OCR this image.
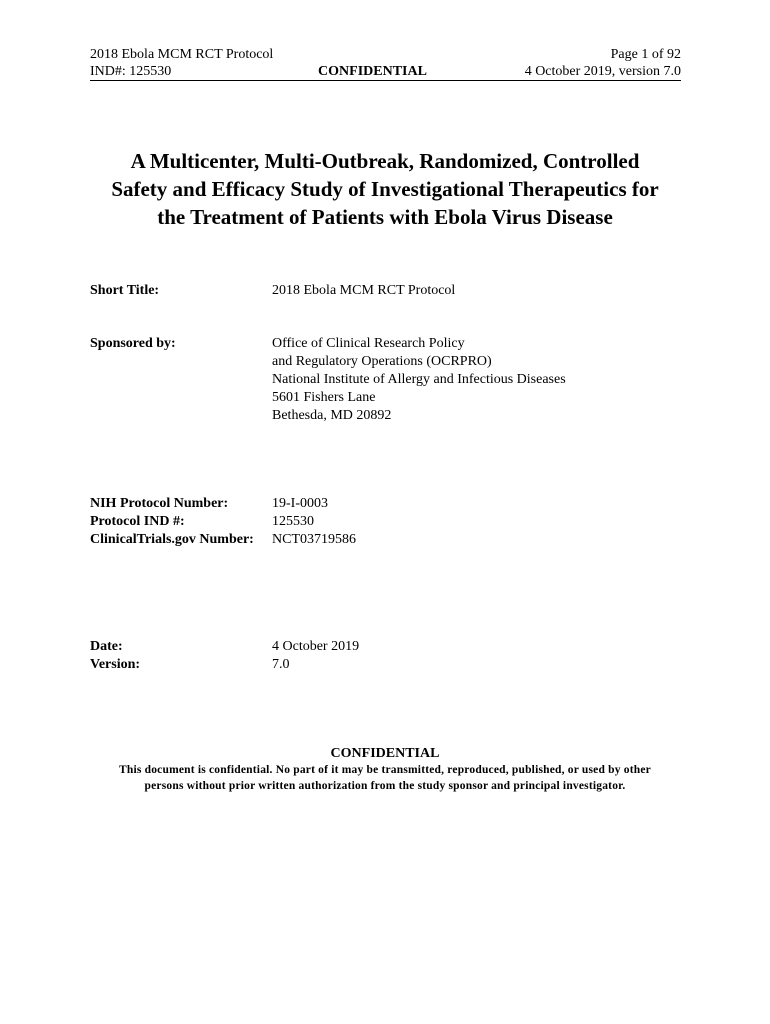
2018 Ebola MCM RCT Protocol	Page 1 of 92
IND#: 125530	CONFIDENTIAL	4 October 2019, version 7.0
A Multicenter, Multi-Outbreak, Randomized, Controlled
Safety and Efficacy Study of Investigational Therapeutics for
the Treatment of Patients with Ebola Virus Disease
Short Title:	2018 Ebola MCM RCT Protocol
Sponsored by:	Office of Clinical Research Policy
and Regulatory Operations (OCRPRO)
National Institute of Allergy and Infectious Diseases
5601 Fishers Lane
Bethesda, MD 20892
NIH Protocol Number:	19-I-0003
Protocol IND #:	125530
ClinicalTrials.gov Number: NCT03719586
Date:	4 October 2019
Version:	7.0
CONFIDENTIAL
This document is confidential. No part of it may be transmitted, reproduced, published, or used by other
persons without prior written authorization from the study sponsor and principal investigator.
